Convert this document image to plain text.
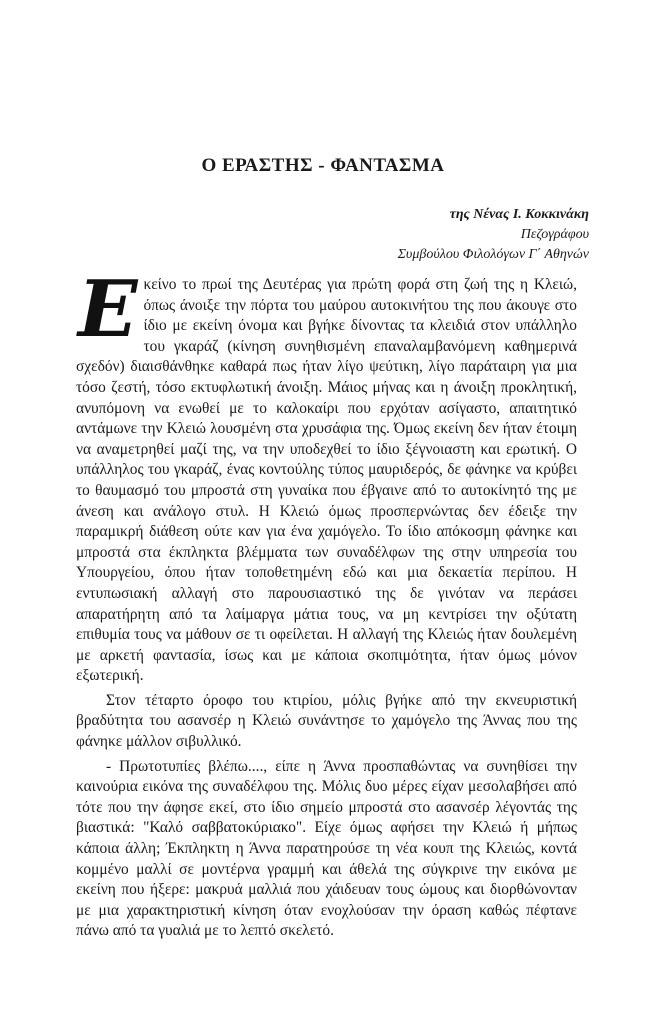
Ο ΕΡΑΣΤΗΣ - ΦΑΝΤΑΣΜΑ
της Νένας Ι. Κοκκινάκη
Πεζογράφου
Συμβούλου Φιλολόγων Γ΄ Αθηνών

Εκείνο το πρωί της Δευτέρας για πρώτη φορά στη ζωή της η Κλειώ, όπως άνοιξε την πόρτα του μαύρου αυτοκινήτου της που άκουγε στο ίδιο με εκείνη όνομα και βγήκε δίνοντας τα κλειδιά στον υπάλληλο του γκαράζ (κίνηση συνηθισμένη επαναλαμβανόμενη καθημερινά σχεδόν) διαισθάνθηκε καθαρά πως ήταν λίγο ψεύτικη, λίγο παράταιρη για μια τόσο ζεστή, τόσο εκτυφλωτική άνοιξη. Μάιος μήνας και η άνοιξη προκλητική, ανυπόμονη να ενωθεί με το καλοκαίρι που ερχόταν ασίγαστο, απαιτητικό αντάμωνε την Κλειώ λουσμένη στα χρυσάφια της. Όμως εκείνη δεν ήταν έτοιμη να αναμετρηθεί μαζί της, να την υποδεχθεί το ίδιο ξέγνοιαστη και ερωτική. Ο υπάλληλος του γκαράζ, ένας κοντούλης τύπος μαυριδερός, δε φάνηκε να κρύβει το θαυμασμό του μπροστά στη γυναίκα που έβγαινε από το αυτοκίνητό της με άνεση και ανάλογο στυλ. Η Κλειώ όμως προσπερνώντας δεν έδειξε την παραμικρή διάθεση ούτε καν για ένα χαμόγελο. Το ίδιο απόκοσμη φάνηκε και μπροστά στα έκπληκτα βλέμματα των συναδέλφων της στην υπηρεσία του Υπουργείου, όπου ήταν τοποθετημένη εδώ και μια δεκαετία περίπου. Η εντυπωσιακή αλλαγή στο παρουσιαστικό της δε γινόταν να περάσει απαρατήρητη από τα λαίμαργα μάτια τους, να μη κεντρίσει την οξύτατη επιθυμία τους να μάθουν σε τι οφείλεται. Η αλλαγή της Κλειώς ήταν δουλεμένη με αρκετή φαντασία, ίσως και με κάποια σκοπιμότητα, ήταν όμως μόνον εξωτερική.

Στον τέταρτο όροφο του κτιρίου, μόλις βγήκε από την εκνευριστική βραδύτητα του ασανσέρ η Κλειώ συνάντησε το χαμόγελο της Άννας που της φάνηκε μάλλον σιβυλλικό.

- Πρωτοτυπίες βλέπω...., είπε η Άννα προσπαθώντας να συνηθίσει την καινούρια εικόνα της συναδέλφου της. Μόλις δυο μέρες είχαν μεσολαβήσει από τότε που την άφησε εκεί, στο ίδιο σημείο μπροστά στο ασανσέρ λέγοντάς της βιαστικά: "Καλό σαββατοκύριακο". Είχε όμως αφήσει την Κλειώ ή μήπως κάποια άλλη; Έκπληκτη η Άννα παρατηρούσε τη νέα κουπ της Κλειώς, κοντά κομμένο μαλλί σε μοντέρνα γραμμή και άθελά της σύγκρινε την εικόνα με εκείνη που ήξερε: μακρυά μαλλιά που χάιδευαν τους ώμους και διορθώνονταν με μια χαρακτηριστική κίνηση όταν ενοχλούσαν την όραση καθώς πέφτανε πάνω από τα γυαλιά με το λεπτό σκελετό.
